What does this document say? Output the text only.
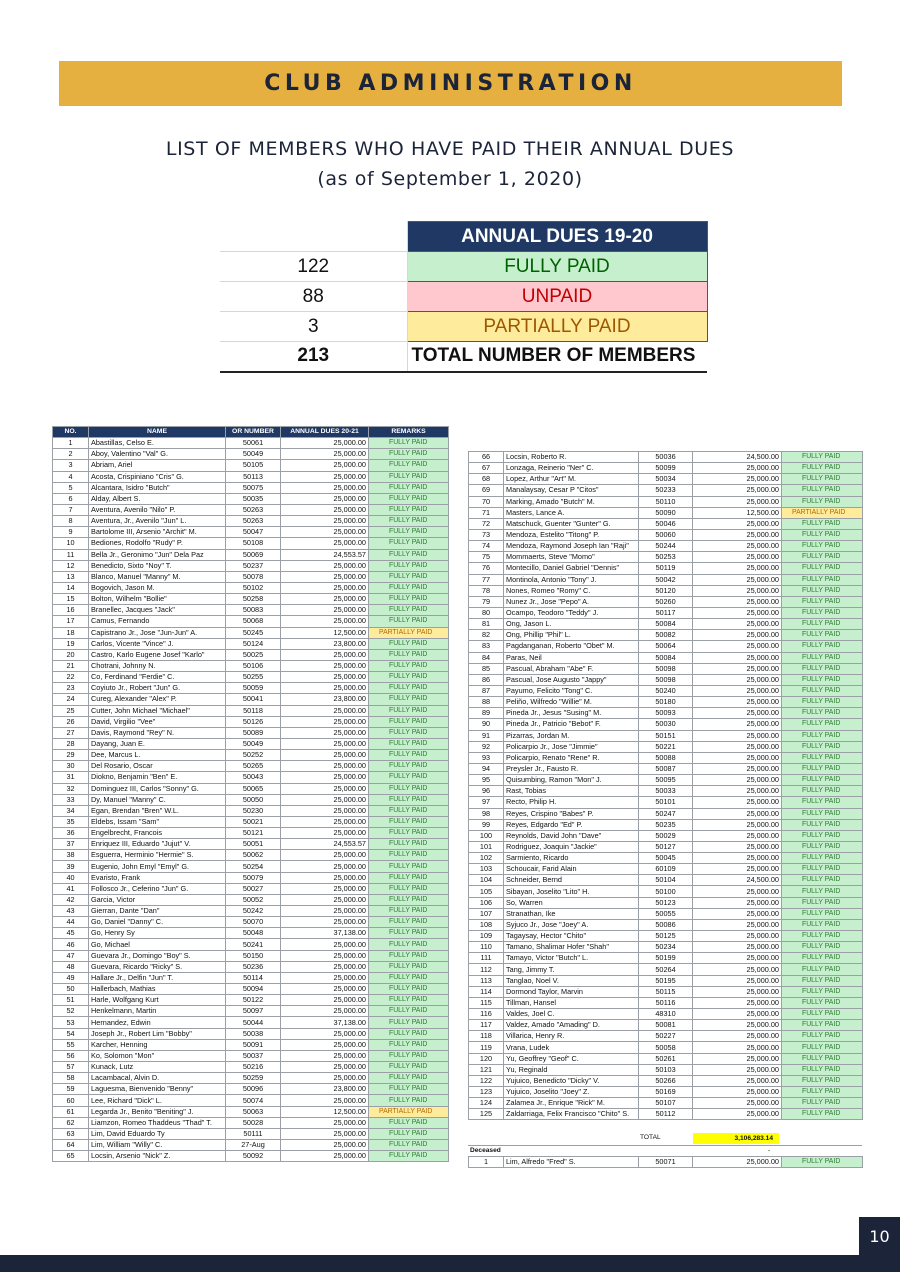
CLUB ADMINISTRATION
LIST OF MEMBERS WHO HAVE PAID THEIR ANNUAL DUES
(as of September 1, 2020)
	ANNUAL DUES 19-20
122	FULLY PAID
88	UNPAID
3	PARTIALLY PAID
213	TOTAL NUMBER OF MEMBERS
NO.	NAME	OR NUMBER	ANNUAL DUES 20-21	REMARKS
1	Abastillas, Celso E.	50061	25,000.00	FULLY PAID
2	Aboy, Valentino "Val" G.	50049	25,000.00	FULLY PAID
3	Abriam, Ariel	50105	25,000.00	FULLY PAID
4	Acosta, Crispiniano "Cris" G.	50113	25,000.00	FULLY PAID
5	Alcantara, Isidro "Butch"	50075	25,000.00	FULLY PAID
6	Alday, Albert S.	50035	25,000.00	FULLY PAID
7	Aventura, Avenilo "Nilo" P.	50263	25,000.00	FULLY PAID
8	Aventura, Jr., Avenilo "Jun" L.	50263	25,000.00	FULLY PAID
9	Bartolome III, Arsenio "Archit" M.	50047	25,000.00	FULLY PAID
10	Bediones, Rodolfo "Rudy" P.	50108	25,000.00	FULLY PAID
11	Bella Jr., Geronimo "Jun" Dela Paz	50069	24,553.57	FULLY PAID
12	Benedicto, Sixto "Noy" T.	50237	25,000.00	FULLY PAID
13	Blanco, Manuel "Manny" M.	50078	25,000.00	FULLY PAID
14	Bogovich, Jason M.	50102	25,000.00	FULLY PAID
15	Bolton, Wilhelm "Bollie"	50258	25,000.00	FULLY PAID
16	Branellec, Jacques "Jack"	50083	25,000.00	FULLY PAID
17	Camus, Fernando	50068	25,000.00	FULLY PAID
18	Capistrano Jr., Jose "Jun-Jun" A.	50245	12,500.00	PARTIALLY PAID
19	Carlos, Vicente "Vince" J.	50124	23,800.00	FULLY PAID
20	Castro, Karlo Eugene Josef "Karlo"	50025	25,000.00	FULLY PAID
21	Chotrani, Johnny N.	50106	25,000.00	FULLY PAID
22	Co, Ferdinand "Ferdie" C.	50255	25,000.00	FULLY PAID
23	Coyiuto Jr., Robert "Jun" G.	50059	25,000.00	FULLY PAID
24	Cureg, Alexander "Alex" P.	50041	23,800.00	FULLY PAID
25	Cutter, John Michael "Michael"	50118	25,000.00	FULLY PAID
26	David, Virgilio "Vee"	50126	25,000.00	FULLY PAID
27	Davis, Raymond "Rey" N.	50089	25,000.00	FULLY PAID
28	Dayang, Juan E.	50049	25,000.00	FULLY PAID
29	Dee, Marcus L.	50252	25,000.00	FULLY PAID
30	Del Rosario, Oscar	50265	25,000.00	FULLY PAID
31	Diokno, Benjamin "Ben" E.	50043	25,000.00	FULLY PAID
32	Dominguez III, Carlos "Sonny" G.	50065	25,000.00	FULLY PAID
33	Dy, Manuel "Manny" C.	50050	25,000.00	FULLY PAID
34	Egan, Brendan "Bren" W.L.	50230	25,000.00	FULLY PAID
35	Eldebs, Issam "Sam"	50021	25,000.00	FULLY PAID
36	Engelbrecht, Francois	50121	25,000.00	FULLY PAID
37	Enriquez III, Eduardo "Jujut" V.	50051	24,553.57	FULLY PAID
38	Esguerra, Herminio "Hermie" S.	50062	25,000.00	FULLY PAID
39	Eugenio, John Emyl "Emyl" G.	50254	25,000.00	FULLY PAID
40	Evaristo, Frank	50079	25,000.00	FULLY PAID
41	Follosco Jr., Ceferino "Jun" G.	50027	25,000.00	FULLY PAID
42	Garcia, Victor	50052	25,000.00	FULLY PAID
43	Gierran, Dante "Dan"	50242	25,000.00	FULLY PAID
44	Go, Daniel "Danny" C.	50070	25,000.00	FULLY PAID
45	Go, Henry Sy	50048	37,138.00	FULLY PAID
46	Go, Michael	50241	25,000.00	FULLY PAID
47	Guevara Jr., Domingo "Boy" S.	50150	25,000.00	FULLY PAID
48	Guevara, Ricardo "Ricky" S.	50236	25,000.00	FULLY PAID
49	Hallare Jr., Delfin "Jun" T.	50114	25,000.00	FULLY PAID
50	Hallerbach, Mathias	50094	25,000.00	FULLY PAID
51	Harle, Wolfgang Kurt	50122	25,000.00	FULLY PAID
52	Henkelmann, Martin	50097	25,000.00	FULLY PAID
53	Hernandez, Edwin	50044	37,138.00	FULLY PAID
54	Joseph Jr., Robert Lim "Bobby"	50038	25,000.00	FULLY PAID
55	Karcher, Henning	50091	25,000.00	FULLY PAID
56	Ko, Solomon "Mon"	50037	25,000.00	FULLY PAID
57	Kunack, Lutz	50216	25,000.00	FULLY PAID
58	Lacambacal, Alvin D.	50259	25,000.00	FULLY PAID
59	Laguesma, Bienvenido "Benny"	50096	23,800.00	FULLY PAID
60	Lee, Richard "Dick" L.	50074	25,000.00	FULLY PAID
61	Legarda Jr., Benito "Beniting" J.	50063	12,500.00	PARTIALLY PAID
62	Liamzon, Romeo Thaddeus "Thad" T.	50028	25,000.00	FULLY PAID
63	Lim, David Eduardo Ty	50111	25,000.00	FULLY PAID
64	Lim, William "Willy" C.	27-Aug	25,000.00	FULLY PAID
65	Locsin, Arsenio "Nick" Z.	50092	25,000.00	FULLY PAID
66	Locsin, Roberto R.	50036	24,500.00	FULLY PAID
67	Lonzaga, Reinerio "Ner" C.	50099	25,000.00	FULLY PAID
68	Lopez, Arthur "Art" M.	50034	25,000.00	FULLY PAID
69	Manalaysay, Cesar P "Citos"	50233	25,000.00	FULLY PAID
70	Marking, Amado "Butch" M.	50110	25,000.00	FULLY PAID
71	Masters, Lance A.	50090	12,500.00	PARTIALLY PAID
72	Matschuck, Guenter "Gunter" G.	50046	25,000.00	FULLY PAID
73	Mendoza, Estelito "Titong" P.	50060	25,000.00	FULLY PAID
74	Mendoza, Raymond Joseph Ian "Raji"	50244	25,000.00	FULLY PAID
75	Mommaerts, Steve "Momo"	50253	25,000.00	FULLY PAID
76	Montecillo, Daniel Gabriel "Dennis"	50119	25,000.00	FULLY PAID
77	Montinola, Antonio "Tony" J.	50042	25,000.00	FULLY PAID
78	Nones, Romeo "Romy" C.	50120	25,000.00	FULLY PAID
79	Nunez Jr., Jose "Pepo" A.	50260	25,000.00	FULLY PAID
80	Ocampo, Teodoro "Teddy" J.	50117	25,000.00	FULLY PAID
81	Ong, Jason L.	50084	25,000.00	FULLY PAID
82	Ong, Phillip "Phil" L.	50082	25,000.00	FULLY PAID
83	Pagdanganan, Roberto "Obet" M.	50064	25,000.00	FULLY PAID
84	Paras, Neil	50084	25,000.00	FULLY PAID
85	Pascual, Abraham "Abe" F.	50098	25,000.00	FULLY PAID
86	Pascual, Jose Augusto "Jappy"	50098	25,000.00	FULLY PAID
87	Payumo, Felicito "Tong" C.	50240	25,000.00	FULLY PAID
88	Peliño, Wilfredo "Willie" M.	50180	25,000.00	FULLY PAID
89	Pineda Jr., Jesus "Susing" M.	50093	25,000.00	FULLY PAID
90	Pineda Jr., Patricio "Bebot" F.	50030	25,000.00	FULLY PAID
91	Pizarras, Jordan M.	50151	25,000.00	FULLY PAID
92	Policarpio Jr., Jose "Jimmie"	50221	25,000.00	FULLY PAID
93	Policarpio, Renato "Rene" R.	50088	25,000.00	FULLY PAID
94	Preysler Jr., Fausto R.	50087	25,000.00	FULLY PAID
95	Quisumbing, Ramon "Mon" J.	50095	25,000.00	FULLY PAID
96	Rast, Tobias	50033	25,000.00	FULLY PAID
97	Recto, Philip H.	50101	25,000.00	FULLY PAID
98	Reyes, Crispino "Babes" P.	50247	25,000.00	FULLY PAID
99	Reyes, Edgardo "Ed" P.	50235	25,000.00	FULLY PAID
100	Reynolds, David John "Dave"	50029	25,000.00	FULLY PAID
101	Rodriguez, Joaquin "Jackie"	50127	25,000.00	FULLY PAID
102	Sarmiento, Ricardo	50045	25,000.00	FULLY PAID
103	Schoucair, Farid Alain	60109	25,000.00	FULLY PAID
104	Schneider, Bernd	50104	24,500.00	FULLY PAID
105	Sibayan, Joselito "Lito" H.	50100	25,000.00	FULLY PAID
106	So, Warren	50123	25,000.00	FULLY PAID
107	Stranathan, Ike	50055	25,000.00	FULLY PAID
108	Syjuco Jr., Jose "Joey" A.	50086	25,000.00	FULLY PAID
109	Tagaysay, Hector "Chito"	50125	25,000.00	FULLY PAID
110	Tamano, Shalimar Hofer "Shah"	50234	25,000.00	FULLY PAID
111	Tamayo, Victor "Butch" L.	50199	25,000.00	FULLY PAID
112	Tang, Jimmy T.	50264	25,000.00	FULLY PAID
113	Tanglao, Noel V.	50195	25,000.00	FULLY PAID
114	Dormond Taylor, Marvin	50115	25,000.00	FULLY PAID
115	Tillman, Hansel	50116	25,000.00	FULLY PAID
116	Valdes, Joel C.	48310	25,000.00	FULLY PAID
117	Valdez, Amado "Amading" D.	50081	25,000.00	FULLY PAID
118	Villarica, Henry R.	50227	25,000.00	FULLY PAID
119	Vrana, Ludek	50058	25,000.00	FULLY PAID
120	Yu, Geoffrey "Geof" C.	50261	25,000.00	FULLY PAID
121	Yu, Reginald	50103	25,000.00	FULLY PAID
122	Yujuico, Benedicto "Dicky" V.	50266	25,000.00	FULLY PAID
123	Yujuico, Joselito "Joey" Z.	50169	25,000.00	FULLY PAID
124	Zalamea Jr., Enrique "Rick" M.	50107	25,000.00	FULLY PAID
125	Zaldarriaga, Felix Francisco "Chito" S.	50112	25,000.00	FULLY PAID
TOTAL	3,106,283.14
Deceased	-
1	Lim, Alfredo "Fred" S.	50071	25,000.00	FULLY PAID
10
